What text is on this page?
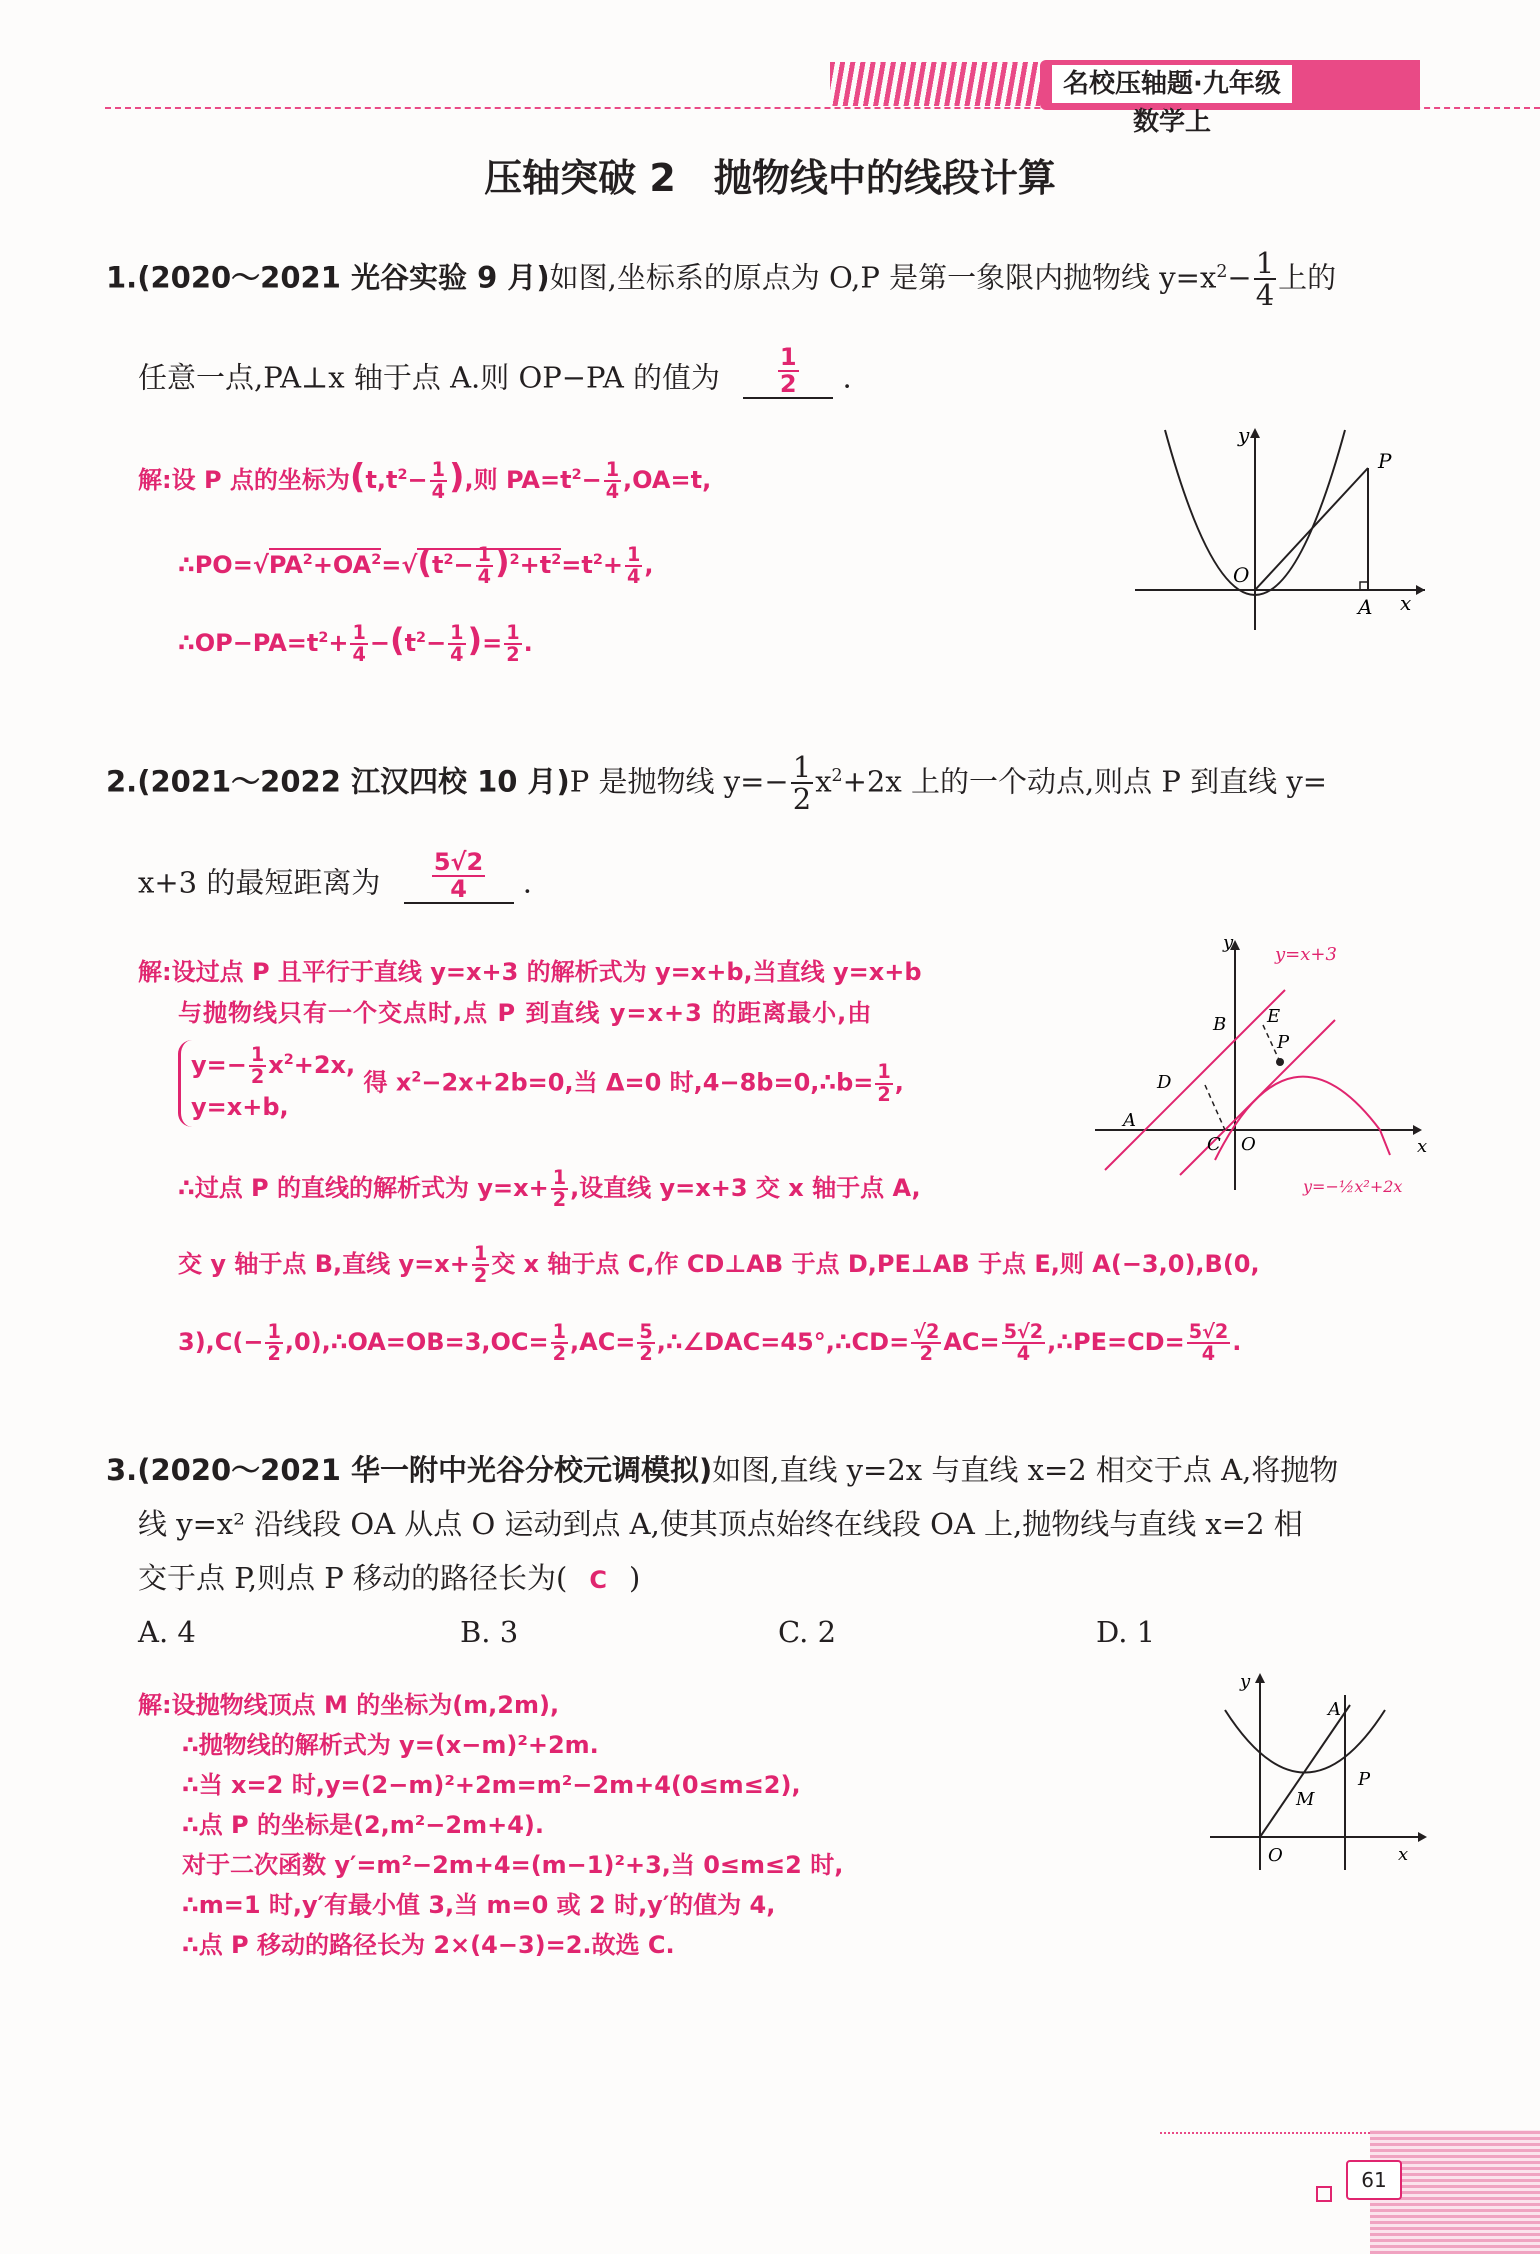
名校压轴题·九年级数学上
压轴突破 2　抛物线中的线段计算
1.(2020～2021 光谷实验 9 月)如图,坐标系的原点为 O,P 是第一象限内抛物线 $y=x^2- \frac{1}{4}$ 上的
任意一点,PA⊥x 轴于点 A.则 OP−PA 的值为 $\frac{1}{2}$ .
解:设 P 点的坐标为($t,t^2- \frac{1}{4}$ ),则 $PA=t^2- \frac{1}{4} ,OA=t$,
$\therefore PO=√PA^2+OA^2=√(t^2- \frac{1}{4} )^2+t^2=t^2+ \frac{1}{4}$ ,
$\therefore OP-PA=t^2+ \frac{1}{4} -(t^2- \frac{1}{4}$ )= $\frac{1}{2}$ .
y
x
O
P
A
2.(2021～2022 江汉四校 10 月)P 是抛物线 $y=- \frac{1}{2} x^2+2x$ 上的一个动点,则点 P 到直线 y=
x+3 的最短距离为 $\frac{5√2}{4}$ .
解:设过点 P 且平行于直线 y=x+3 的解析式为 y=x+b,当直线 y=x+b
与抛物线只有一个交点时,点 P 到直线 y=x+3 的距离最小,由
$y=- \frac{1}{2} x^2+2x$,
y=x+b,
得 $x^2-2x+2b=0$,当 Δ=0 时,4−8b=0,∴b= $\frac{1}{2}$ ,
∴过点 P 的直线的解析式为 $y=x+ \frac{1}{2}$ ,设直线 y=x+3 交 x 轴于点 A,
交 y 轴于点 B,直线 $y=x+ \frac{1}{2}$ 交 x 轴于点 C,作 CD⊥AB 于点 D,PE⊥AB 于点 E,则 A(−3,0),B(0,
$3),C(- \frac{1}{2}$ ,0),∴OA=OB=3,OC= $\frac{1}{2} ,AC= \frac{5}{2}$ ,∴∠DAC=45°,∴CD= $\frac{√2}{2} AC= \frac{5√2}{4}$ ,∴PE=CD= $\frac{5√2}{4}$ .
y
x
y=x+3
y=−½x²+2x
B E
P
D
A
C O
3.(2020～2021 华一附中光谷分校元调模拟)如图,直线 y=2x 与直线 x=2 相交于点 A,将抛物
线 y=x² 沿线段 OA 从点 O 运动到点 A,使其顶点始终在线段 OA 上,抛物线与直线 x=2 相
交于点 P,则点 P 移动的路径长为( C )
A. 4	B. 3	C. 2	D. 1
解:设抛物线顶点 M 的坐标为(m,2m),
∴抛物线的解析式为 y=(x−m)²+2m.
∴当 x=2 时,y=(2−m)²+2m=m²−2m+4(0≤m≤2),
∴点 P 的坐标是(2,m²−2m+4).
对于二次函数 y′=m²−2m+4=(m−1)²+3,当 0≤m≤2 时,
∴m=1 时,y′有最小值 3,当 m=0 或 2 时,y′的值为 4,
∴点 P 移动的路径长为 2×(4−3)=2.故选 C.
y
x
A
P
M
O
61
